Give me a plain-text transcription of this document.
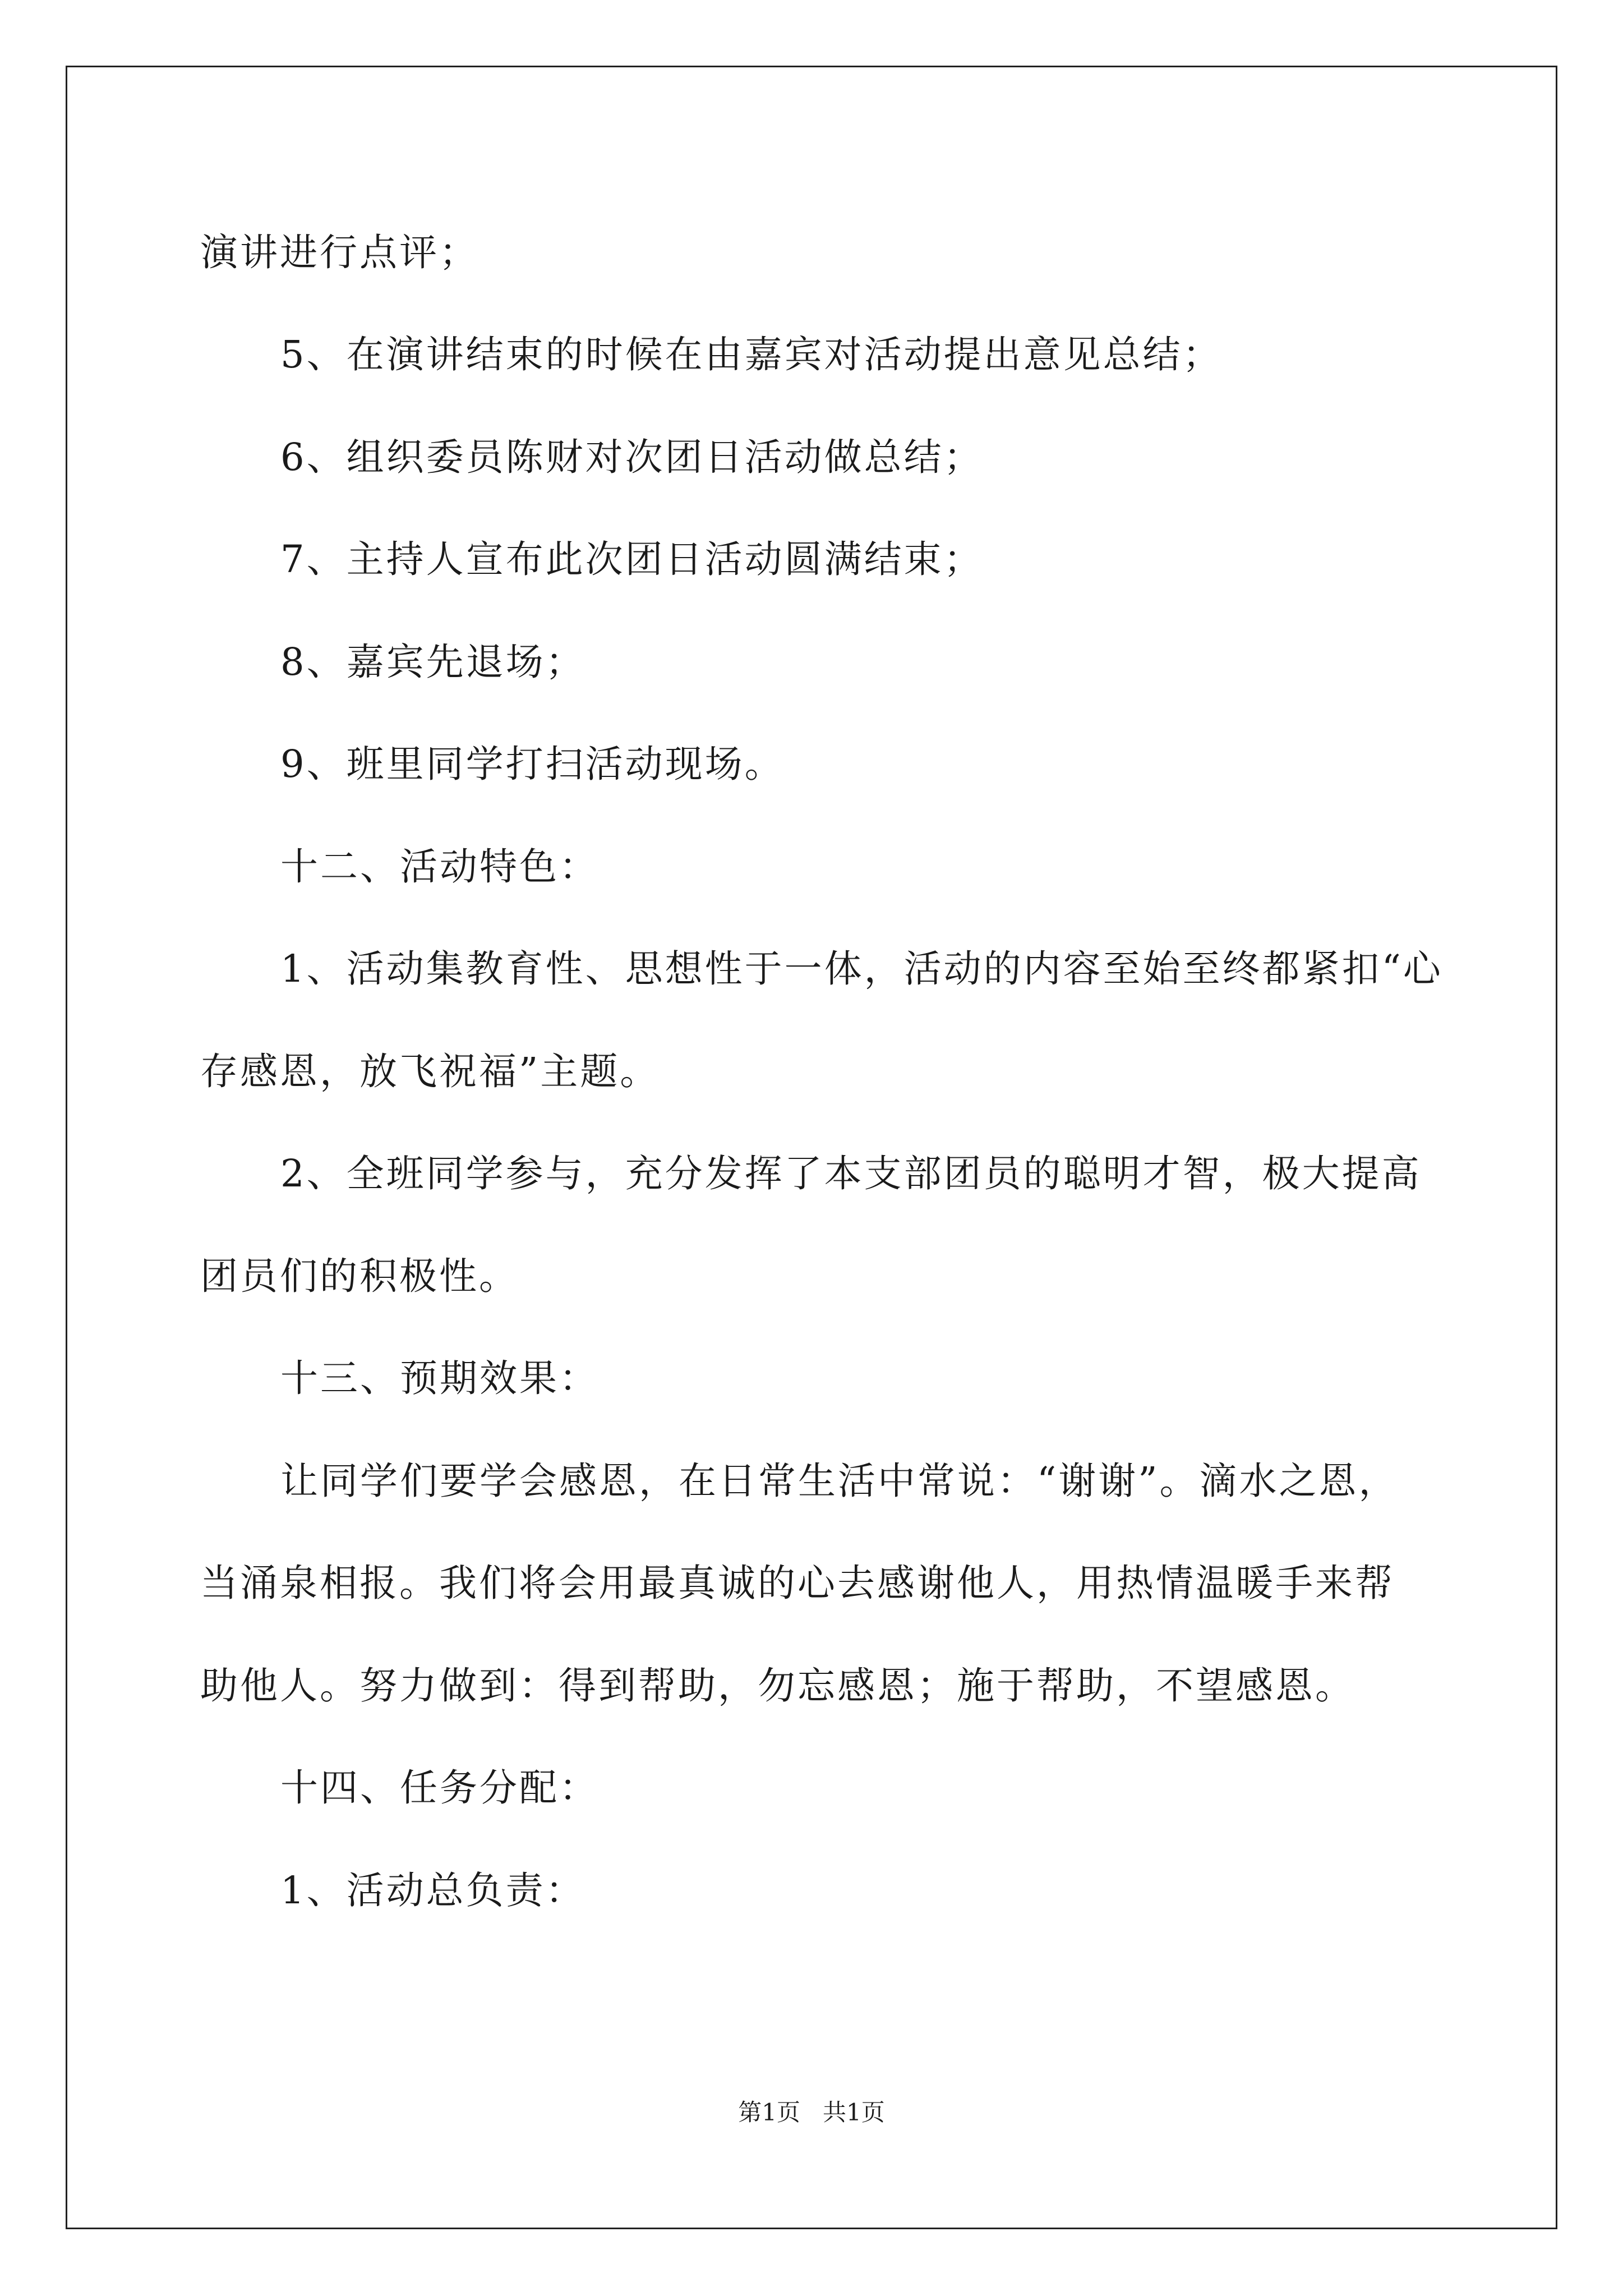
演讲进行点评；
5、在演讲结束的时候在由嘉宾对活动提出意见总结；
6、组织委员陈财对次团日活动做总结；
7、主持人宣布此次团日活动圆满结束；
8、嘉宾先退场；
9、班里同学打扫活动现场。
十二、活动特色：
1、活动集教育性、思想性于一体，活动的内容至始至终都紧扣“心
存感恩，放飞祝福”主题。
2、全班同学参与，充分发挥了本支部团员的聪明才智，极大提高
团员们的积极性。
十三、预期效果：
让同学们要学会感恩，在日常生活中常说：“谢谢”。滴水之恩，
当涌泉相报。我们将会用最真诚的心去感谢他人，用热情温暖手来帮
助他人。努力做到：得到帮助，勿忘感恩；施于帮助，不望感恩。
十四、任务分配：
1、活动总负责：
第1页   共1页
